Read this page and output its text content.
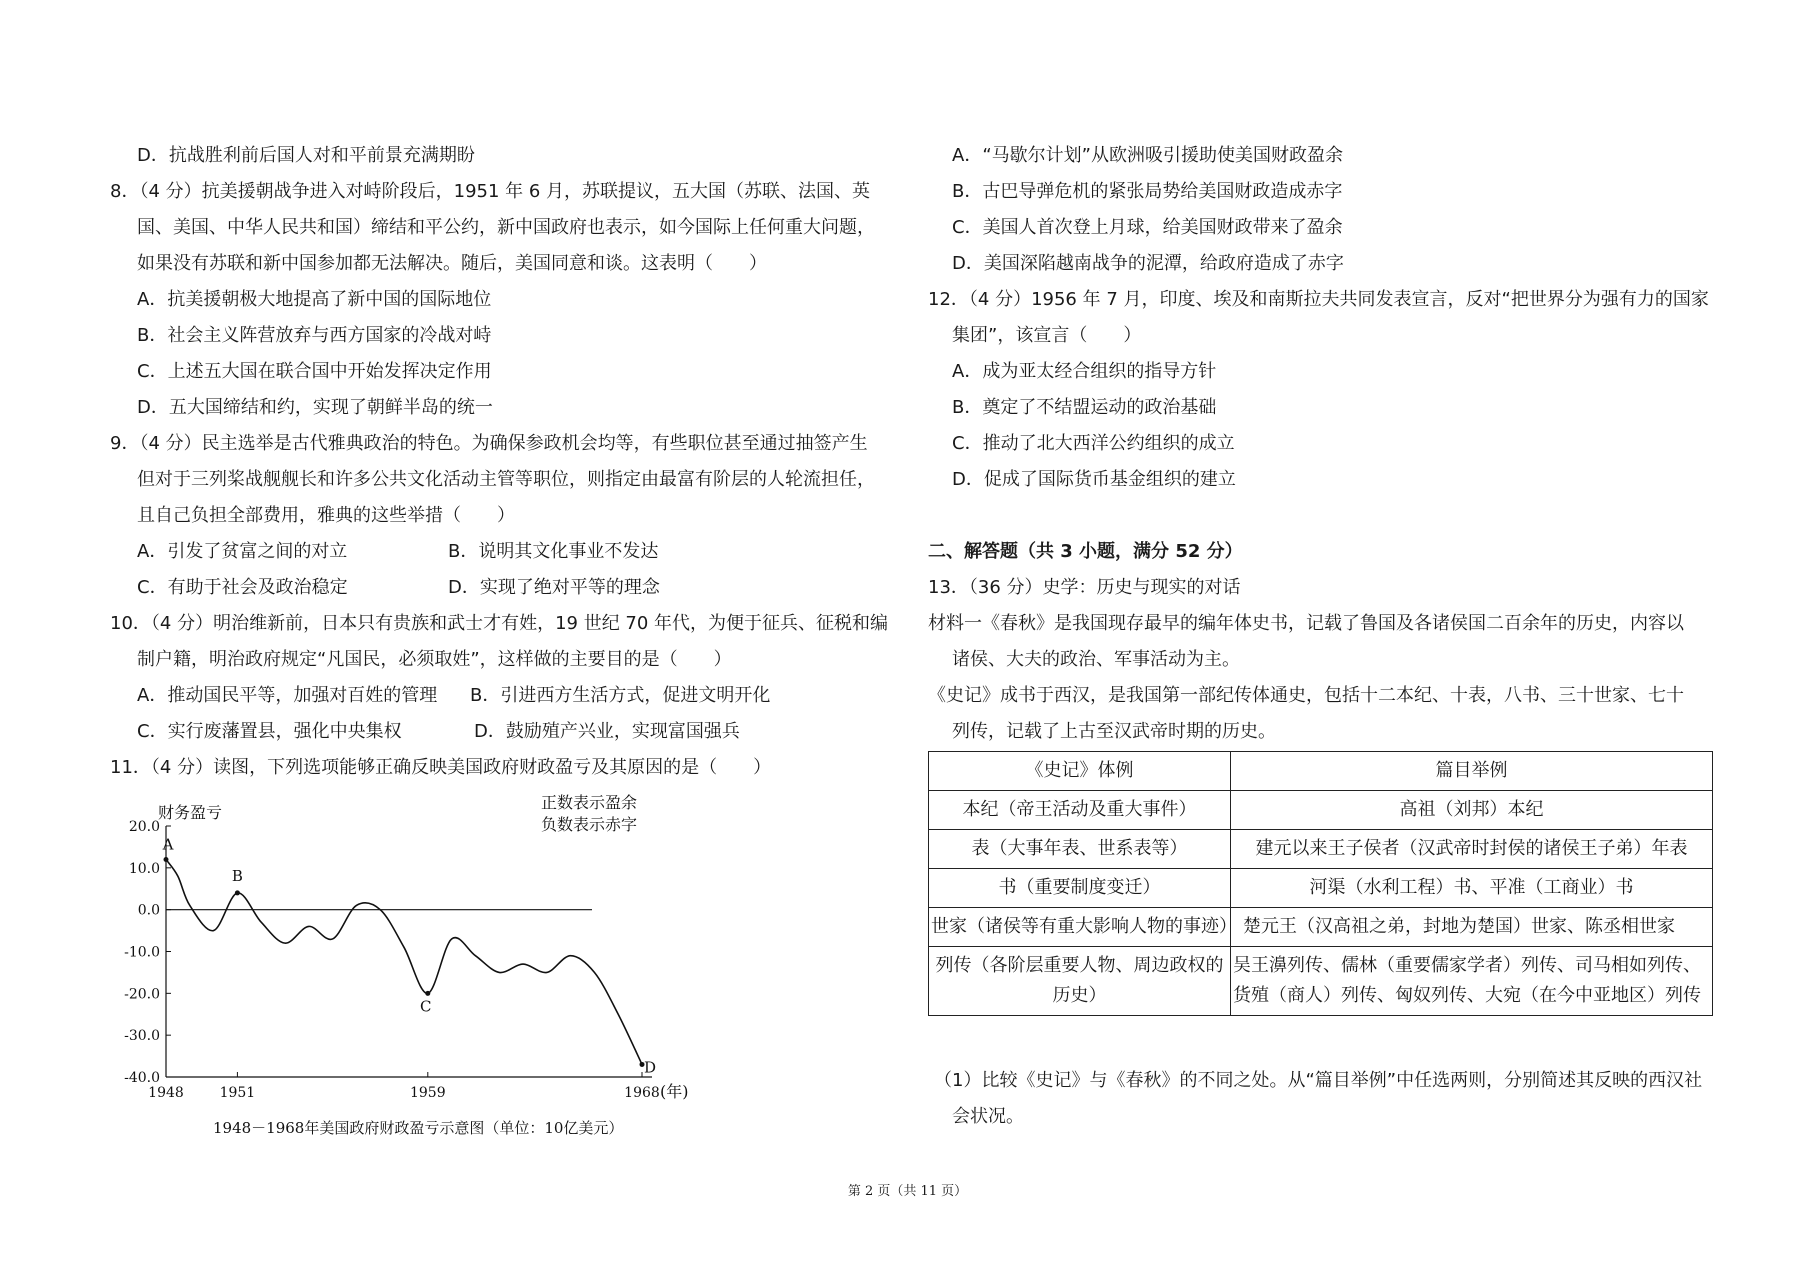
D．抗战胜利前后国人对和平前景充满期盼
8．（4 分）抗美援朝战争进入对峙阶段后，1951 年 6 月，苏联提议，五大国（苏联、法国、英
国、美国、中华人民共和国）缔结和平公约，新中国政府也表示，如今国际上任何重大问题，
如果没有苏联和新中国参加都无法解决。随后，美国同意和谈。这表明（　　）
A．抗美援朝极大地提高了新中国的国际地位
B．社会主义阵营放弃与西方国家的冷战对峙
C．上述五大国在联合国中开始发挥决定作用
D．五大国缔结和约，实现了朝鲜半岛的统一
9．（4 分）民主选举是古代雅典政治的特色。为确保参政机会均等，有些职位甚至通过抽签产生
但对于三列桨战舰舰长和许多公共文化活动主管等职位，则指定由最富有阶层的人轮流担任，
且自己负担全部费用，雅典的这些举措（　　）
A．引发了贫富之间的对立	B．说明其文化事业不发达
C．有助于社会及政治稳定	D．实现了绝对平等的理念
10．（4 分）明治维新前，日本只有贵族和武士才有姓，19 世纪 70 年代，为便于征兵、征税和编
制户籍，明治政府规定“凡国民，必须取姓”，这样做的主要目的是（　　）
A．推动国民平等，加强对百姓的管理 B．引进西方生活方式，促进文明开化
C．实行废藩置县，强化中央集权	D．鼓励殖产兴业，实现富国强兵
11．（4 分）读图，下列选项能够正确反映美国政府财政盈亏及其原因的是（　　）
20.0
10.0
0.0
-10.0
-20.0
-30.0
-40.0
1948	1951	1959	1968
A
B
C
D
财务盈亏
正数表示盈余
负数表示赤字
(年)
1948－1968年美国政府财政盈亏示意图（单位：10亿美元）
A．“马歇尔计划”从欧洲吸引援助使美国财政盈余
B．古巴导弹危机的紧张局势给美国财政造成赤字
C．美国人首次登上月球，给美国财政带来了盈余
D．美国深陷越南战争的泥潭，给政府造成了赤字
12．（4 分）1956 年 7 月，印度、埃及和南斯拉夫共同发表宣言，反对“把世界分为强有力的国家
集团”，该宣言（　　）
A．成为亚太经合组织的指导方针
B．奠定了不结盟运动的政治基础
C．推动了北大西洋公约组织的成立
D．促成了国际货币基金组织的建立
二、解答题（共 3 小题，满分 52 分）
13．（36 分）史学：历史与现实的对话
材料一《春秋》是我国现存最早的编年体史书，记载了鲁国及各诸侯国二百余年的历史，内容以
诸侯、大夫的政治、军事活动为主。
《史记》成书于西汉，是我国第一部纪传体通史，包括十二本纪、十表，八书、三十世家、七十
列传，记载了上古至汉武帝时期的历史。
《史记》体例	篇目举例
本纪（帝王活动及重大事件）	高祖（刘邦）本纪
表（大事年表、世系表等）	建元以来王子侯者（汉武帝时封侯的诸侯王子弟）年表
书（重要制度变迁）	河渠（水利工程）书、平准（工商业）书
世家（诸侯等有重大影响人物的事迹）	楚元王（汉高祖之弟，封地为楚国）世家、陈丞相世家
列传（各阶层重要人物、周边政权的历史）	吴王濞列传、儒林（重要儒家学者）列传、司马相如列传、货殖（商人）列传、匈奴列传、大宛（在今中亚地区）列传
（1）比较《史记》与《春秋》的不同之处。从“篇目举例”中任选两则，分别简述其反映的西汉社
会状况。
第 2 页（共 11 页）
